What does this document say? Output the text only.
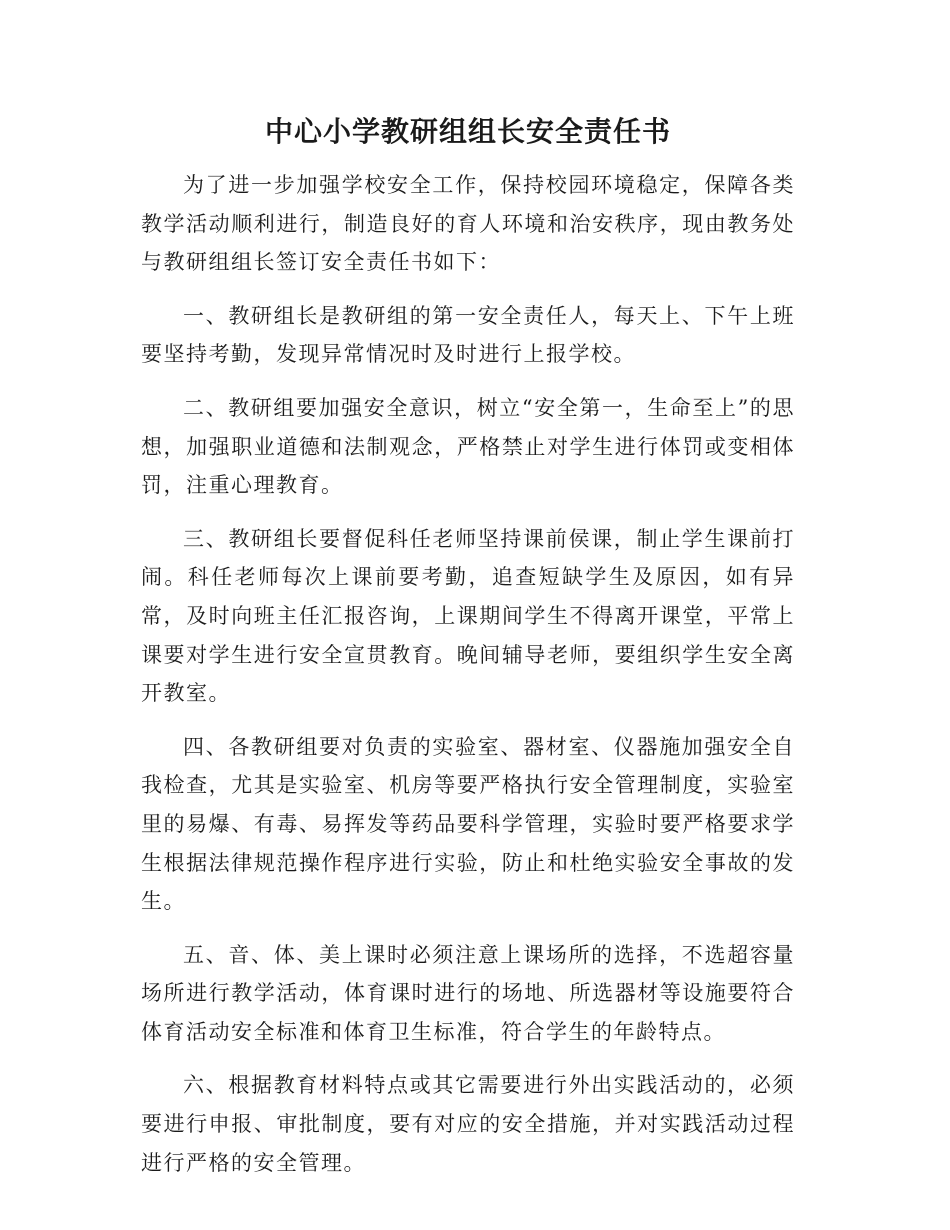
中心小学教研组组长安全责任书

为了进一步加强学校安全工作，保持校园环境稳定，保障各类教学活动顺利进行，制造良好的育人环境和治安秩序，现由教务处与教研组组长签订安全责任书如下：

一、教研组长是教研组的第一安全责任人，每天上、下午上班要坚持考勤，发现异常情况时及时进行上报学校。

二、教研组要加强安全意识，树立“安全第一，生命至上”的思想，加强职业道德和法制观念，严格禁止对学生进行体罚或变相体罚，注重心理教育。

三、教研组长要督促科任老师坚持课前侯课，制止学生课前打闹。科任老师每次上课前要考勤，追查短缺学生及原因，如有异常，及时向班主任汇报咨询，上课期间学生不得离开课堂，平常上课要对学生进行安全宣贯教育。晚间辅导老师，要组织学生安全离开教室。

四、各教研组要对负责的实验室、器材室、仪器施加强安全自我检查，尤其是实验室、机房等要严格执行安全管理制度，实验室里的易爆、有毒、易挥发等药品要科学管理，实验时要严格要求学生根据法律规范操作程序进行实验，防止和杜绝实验安全事故的发生。

五、音、体、美上课时必须注意上课场所的选择，不选超容量场所进行教学活动，体育课时进行的场地、所选器材等设施要符合体育活动安全标准和体育卫生标准，符合学生的年龄特点。

六、根据教育材料特点或其它需要进行外出实践活动的，必须要进行申报、审批制度，要有对应的安全措施，并对实践活动过程进行严格的安全管理。
